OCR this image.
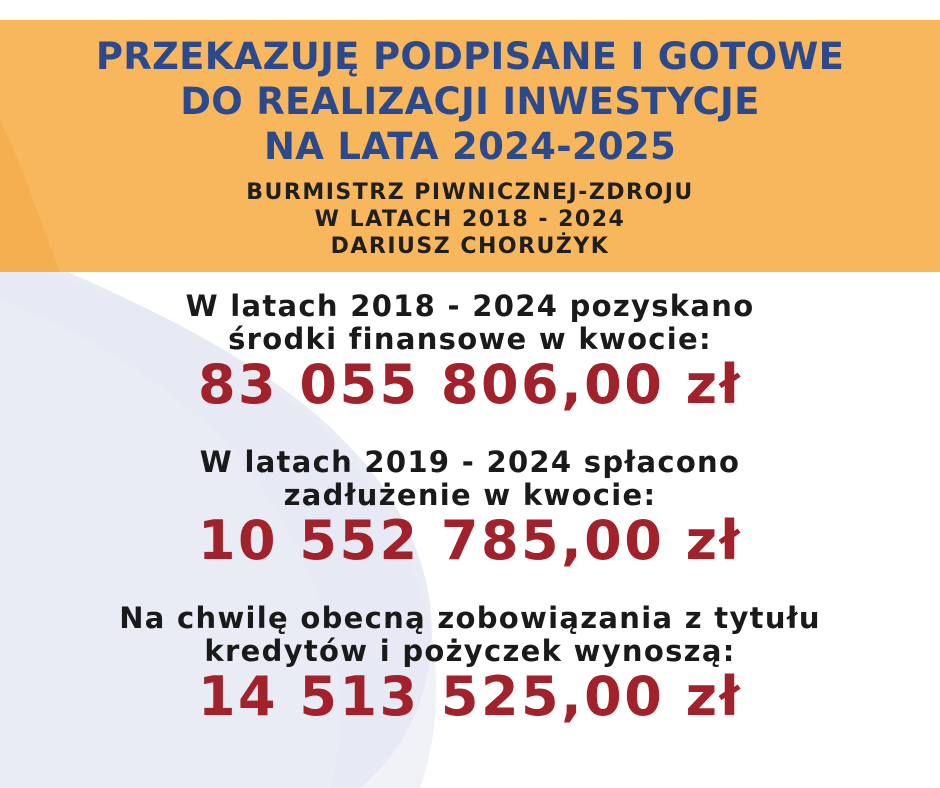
PRZEKAZUJĘ PODPISANE I GOTOWE
DO REALIZACJI INWESTYCJE
NA LATA 2024-2025
BURMISTRZ PIWNICZNEJ-ZDROJU
W LATACH 2018 - 2024
DARIUSZ CHORUŻYK
W latach 2018 - 2024 pozyskano
środki finansowe w kwocie:
83 055 806,00 zł
W latach 2019 - 2024 spłacono
zadłużenie w kwocie:
10 552 785,00 zł
Na chwilę obecną zobowiązania z tytułu
kredytów i pożyczek wynoszą:
14 513 525,00 zł
